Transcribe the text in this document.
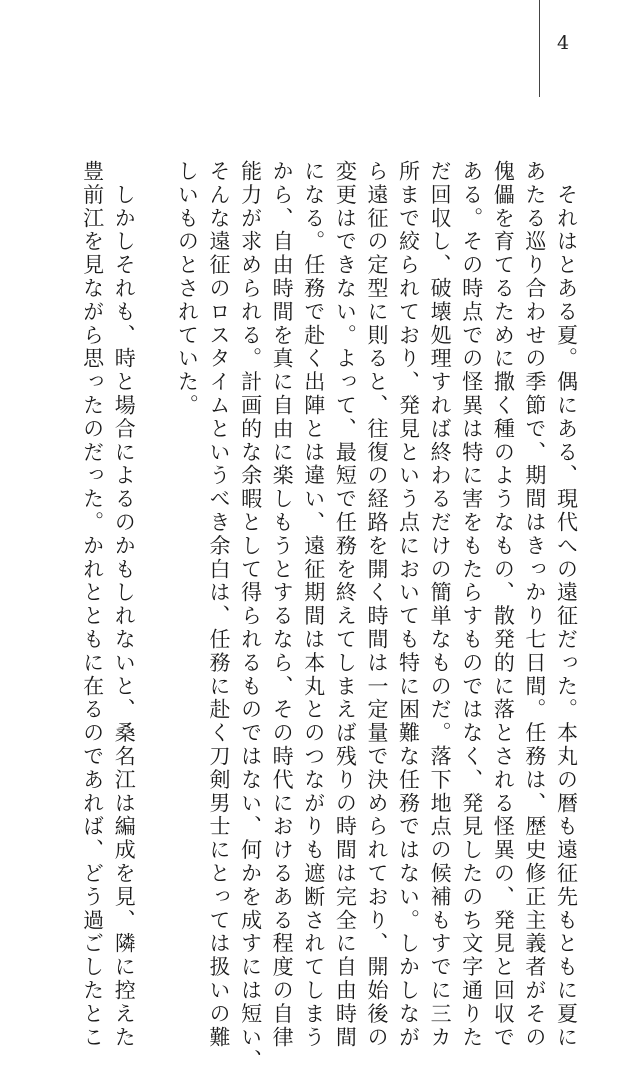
4
　それはとある夏。偶にある、現代への遠征だった。本丸の暦も遠征先もともに夏に
あたる巡り合わせの季節で、期間はきっかり七日間。任務は、歴史修正主義者がその
傀儡を育てるために撒く種のようなもの、散発的に落とされる怪異の、発見と回収で
ある。その時点での怪異は特に害をもたらすものではなく、発見したのち文字通りた
だ回収し、破壊処理すれば終わるだけの簡単なものだ。落下地点の候補もすでに三カ
所まで絞られており、発見という点においても特に困難な任務ではない。しかしなが
ら遠征の定型に則ると、往復の経路を開く時間は一定量で決められており、開始後の
変更はできない。よって、最短で任務を終えてしまえば残りの時間は完全に自由時間
になる。任務で赴く出陣とは違い、遠征期間は本丸とのつながりも遮断されてしまう
から、自由時間を真に自由に楽しもうとするなら、その時代におけるある程度の自律
能力が求められる。計画的な余暇として得られるものではない、何かを成すには短い、
そんな遠征のロスタイムというべき余白は、任務に赴く刀剣男士にとっては扱いの難
しいものとされていた。
　しかしそれも、時と場合によるのかもしれないと、桑名江は編成を見、隣に控えた
豊前江を見ながら思ったのだった。かれとともに在るのであれば、どう過ごしたとこ
